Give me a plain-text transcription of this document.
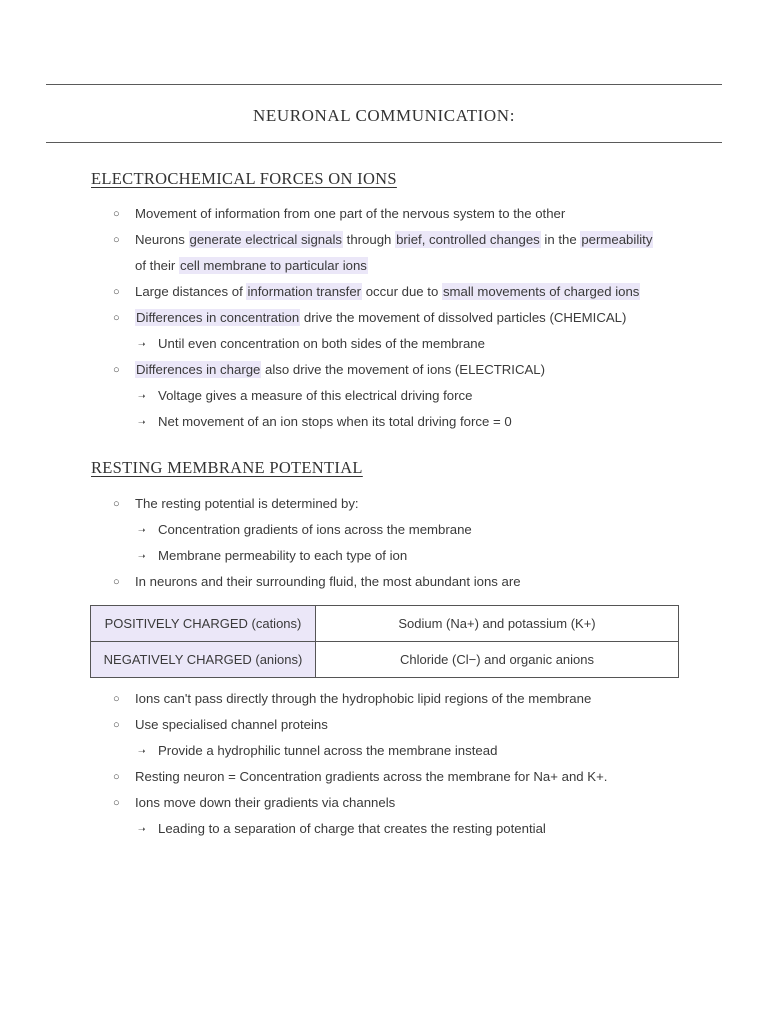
NEURONAL COMMUNICATION:
ELECTROCHEMICAL FORCES ON IONS
○ Movement of information from one part of the nervous system to the other
○ Neurons generate electrical signals through brief, controlled changes in the permeability
of their cell membrane to particular ions
○ Large distances of information transfer occur due to small movements of charged ions
○ Differences in concentration drive the movement of dissolved particles (CHEMICAL)
➝ Until even concentration on both sides of the membrane
○ Differences in charge also drive the movement of ions (ELECTRICAL)
➝ Voltage gives a measure of this electrical driving force
➝ Net movement of an ion stops when its total driving force = 0
RESTING MEMBRANE POTENTIAL
○ The resting potential is determined by:
➝ Concentration gradients of ions across the membrane
➝ Membrane permeability to each type of ion
○ In neurons and their surrounding fluid, the most abundant ions are
POSITIVELY CHARGED (cations)	Sodium (Na+) and potassium (K+)
NEGATIVELY CHARGED (anions)	Chloride (Cl−) and organic anions
○ Ions can't pass directly through the hydrophobic lipid regions of the membrane
○ Use specialised channel proteins
➝ Provide a hydrophilic tunnel across the membrane instead
○ Resting neuron = Concentration gradients across the membrane for Na+ and K+.
○ Ions move down their gradients via channels
➝ Leading to a separation of charge that creates the resting potential
